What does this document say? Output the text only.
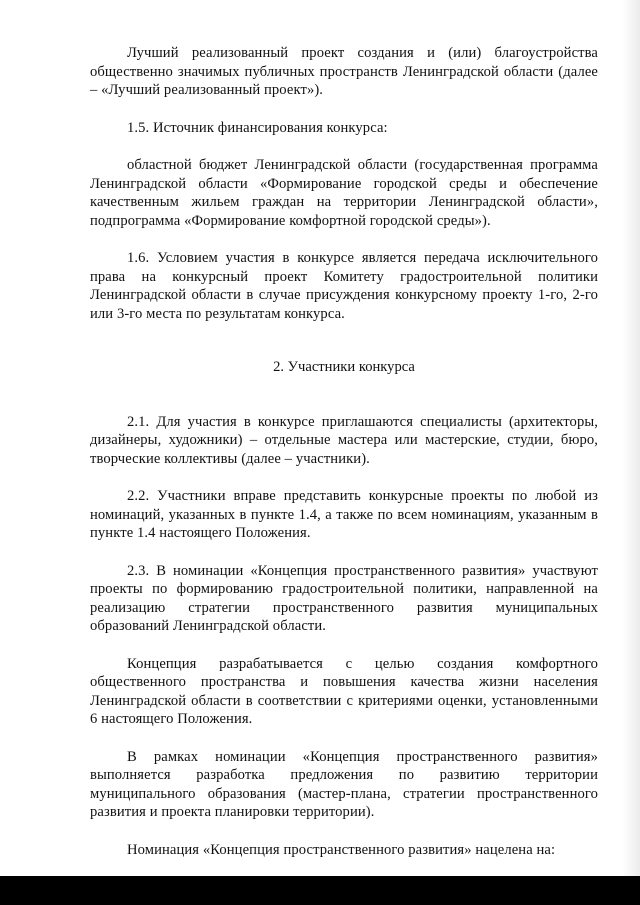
Лучший реализованный проект создания и (или) благоустройства общественно значимых публичных пространств Ленинградской области (далее – «Лучший реализованный проект»).

1.5. Источник финансирования конкурса:

областной бюджет Ленинградской области (государственная программа Ленинградской области «Формирование городской среды и обеспечение качественным жильем граждан на территории Ленинградской области», подпрограмма «Формирование комфортной городской среды»).

1.6. Условием участия в конкурсе является передача исключительного права на конкурсный проект Комитету градостроительной политики Ленинградской области в случае присуждения конкурсному проекту 1-го, 2-го или 3-го места по результатам конкурса.

2. Участники конкурса

2.1. Для участия в конкурсе приглашаются специалисты (архитекторы, дизайнеры, художники) – отдельные мастера или мастерские, студии, бюро, творческие коллективы (далее – участники).

2.2. Участники вправе представить конкурсные проекты по любой из номинаций, указанных в пункте 1.4, а также по всем номинациям, указанным в пункте 1.4 настоящего Положения.

2.3. В номинации «Концепция пространственного развития» участвуют проекты по формированию градостроительной политики, направленной на реализацию стратегии пространственного развития муниципальных образований Ленинградской области.

Концепция разрабатывается с целью создания комфортного общественного пространства и повышения качества жизни населения Ленинградской области в соответствии с критериями оценки, установленными 6 настоящего Положения.

В рамках номинации «Концепция пространственного развития» выполняется разработка предложения по развитию территории муниципального образования (мастер-плана, стратегии пространственного развития и проекта планировки территории).

Номинация «Концепция пространственного развития» нацелена на:
